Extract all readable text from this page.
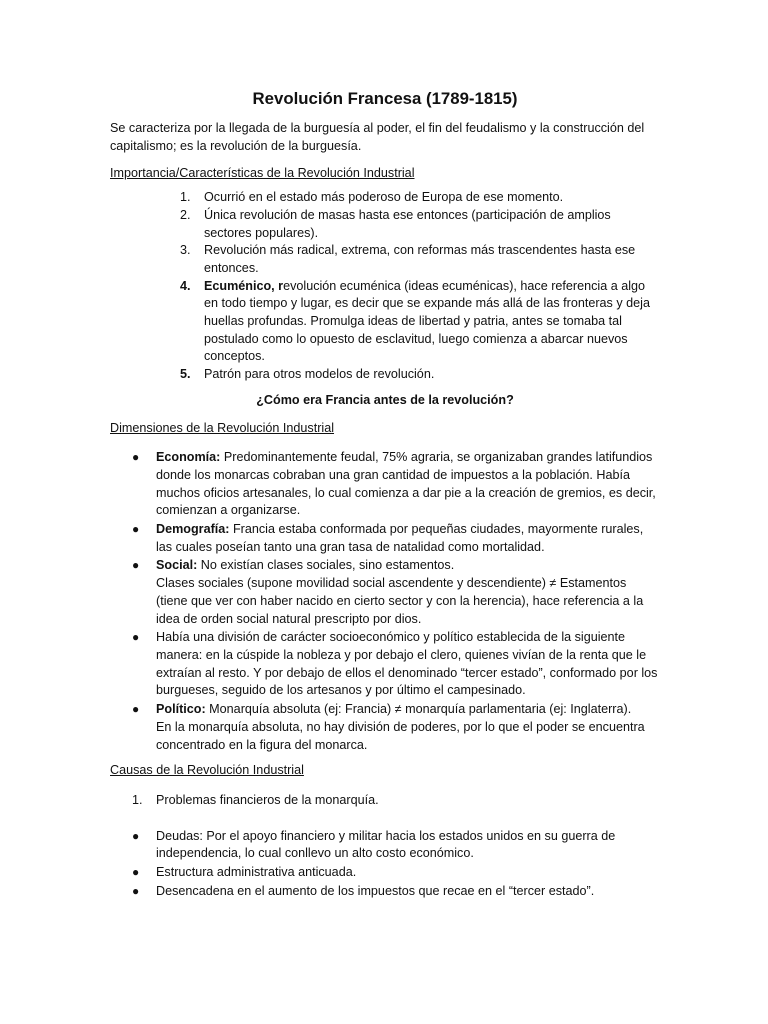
Revolución Francesa (1789-1815)

Se caracteriza por la llegada de la burguesía al poder, el fin del feudalismo y la construcción del capitalismo; es la revolución de la burguesía.

Importancia/Características de la Revolución Industrial
1.	Ocurrió en el estado más poderoso de Europa de ese momento.
2.	Única revolución de masas hasta ese entonces (participación de amplios sectores populares).
3.	Revolución más radical, extrema, con reformas más trascendentes hasta ese entonces.
4.	Ecuménico, revolución ecuménica (ideas ecuménicas), hace referencia a algo en todo tiempo y lugar, es decir que se expande más allá de las fronteras y deja huellas profundas. Promulga ideas de libertad y patria, antes se tomaba tal postulado como lo opuesto de esclavitud, luego comienza a abarcar nuevos conceptos.
5.	Patrón para otros modelos de revolución.
¿Cómo era Francia antes de la revolución?
Dimensiones de la Revolución Industrial
● Economía: Predominantemente feudal, 75% agraria, se organizaban grandes latifundios donde los monarcas cobraban una gran cantidad de impuestos a la población. Había muchos oficios artesanales, lo cual comienza a dar pie a la creación de gremios, es decir, comienzan a organizarse.
● Demografía: Francia estaba conformada por pequeñas ciudades, mayormente rurales, las cuales poseían tanto una gran tasa de natalidad como mortalidad.
● Social: No existían clases sociales, sino estamentos.
Clases sociales (supone movilidad social ascendente y descendiente) ≠ Estamentos (tiene que ver con haber nacido en cierto sector y con la herencia), hace referencia a la idea de orden social natural prescripto por dios.
● Había una división de carácter socioeconómico y político establecida de la siguiente manera: en la cúspide la nobleza y por debajo el clero, quienes vivían de la renta que le extraían al resto. Y por debajo de ellos el denominado “tercer estado”, conformado por los burgueses, seguido de los artesanos y por último el campesinado.
● Político: Monarquía absoluta (ej: Francia) ≠ monarquía parlamentaria (ej: Inglaterra).
En la monarquía absoluta, no hay división de poderes, por lo que el poder se encuentra concentrado en la figura del monarca.
Causas de la Revolución Industrial
1.	Problemas financieros de la monarquía.
● Deudas: Por el apoyo financiero y militar hacia los estados unidos en su guerra de independencia, lo cual conllevo un alto costo económico.
● Estructura administrativa anticuada.
● Desencadena en el aumento de los impuestos que recae en el “tercer estado”.
